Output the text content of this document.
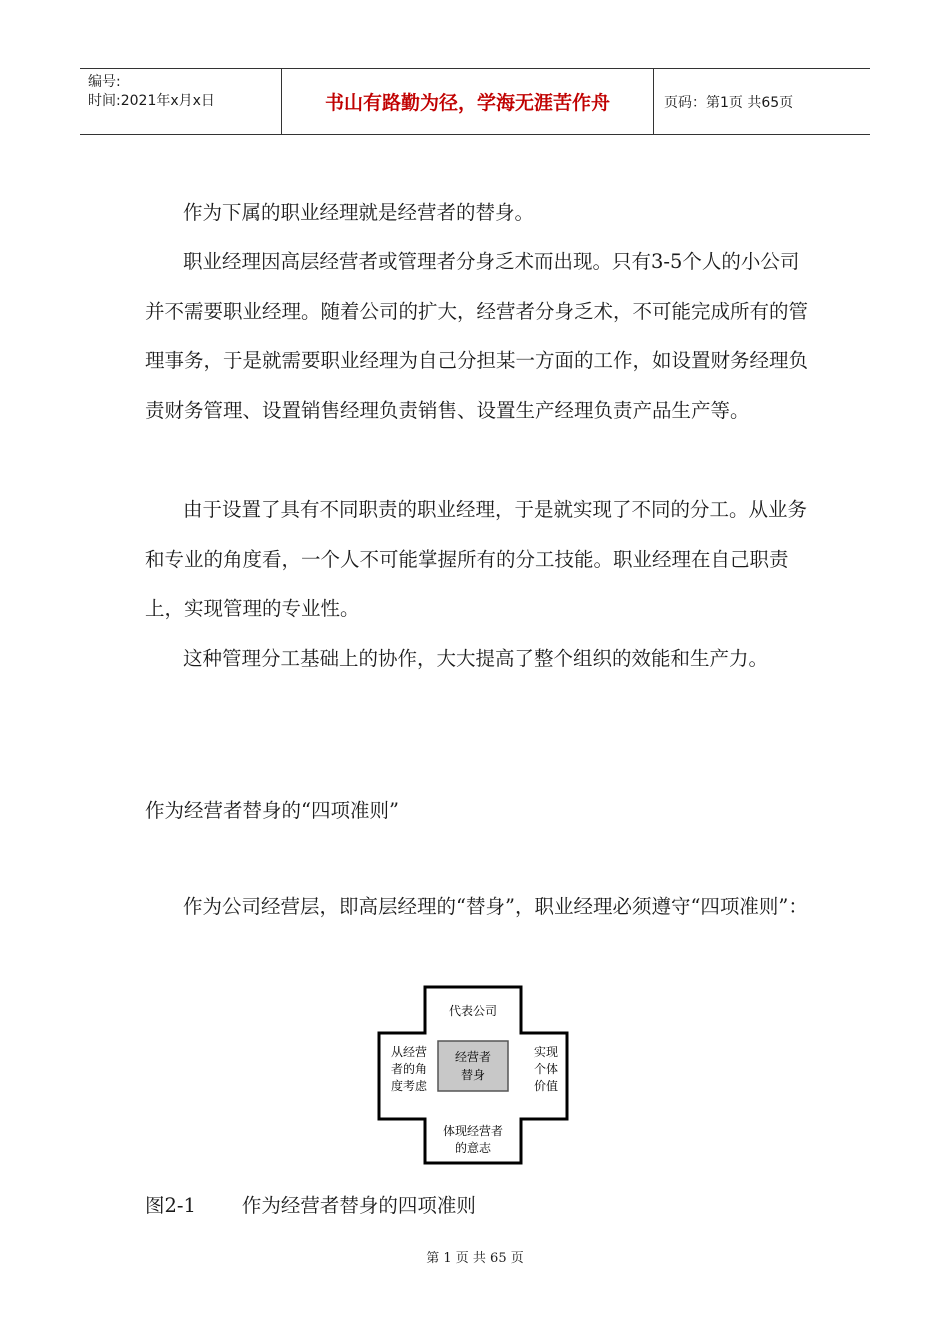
编号:
时间:2021年x月x日	书山有路勤为径，学海无涯苦作舟	页码：第1页 共65页

作为下属的职业经理就是经营者的替身。

职业经理因高层经营者或管理者分身乏术而出现。只有3-5个人的小公司并不需要职业经理。随着公司的扩大，经营者分身乏术，不可能完成所有的管理事务，于是就需要职业经理为自己分担某一方面的工作，如设置财务经理负责财务管理、设置销售经理负责销售、设置生产经理负责产品生产等。

由于设置了具有不同职责的职业经理，于是就实现了不同的分工。从业务和专业的角度看，一个人不可能掌握所有的分工技能。职业经理在自己职责上，实现管理的专业性。

这种管理分工基础上的协作，大大提高了整个组织的效能和生产力。

作为经营者替身的“四项准则”

作为公司经营层，即高层经理的“替身”，职业经理必须遵守“四项准则”：

代表公司
经营者
替身
从经营
者的角
度考虑
实现
个体
价值
体现经营者
的意志
图2-1 作为经营者替身的四项准则
第 1 页 共 65 页
